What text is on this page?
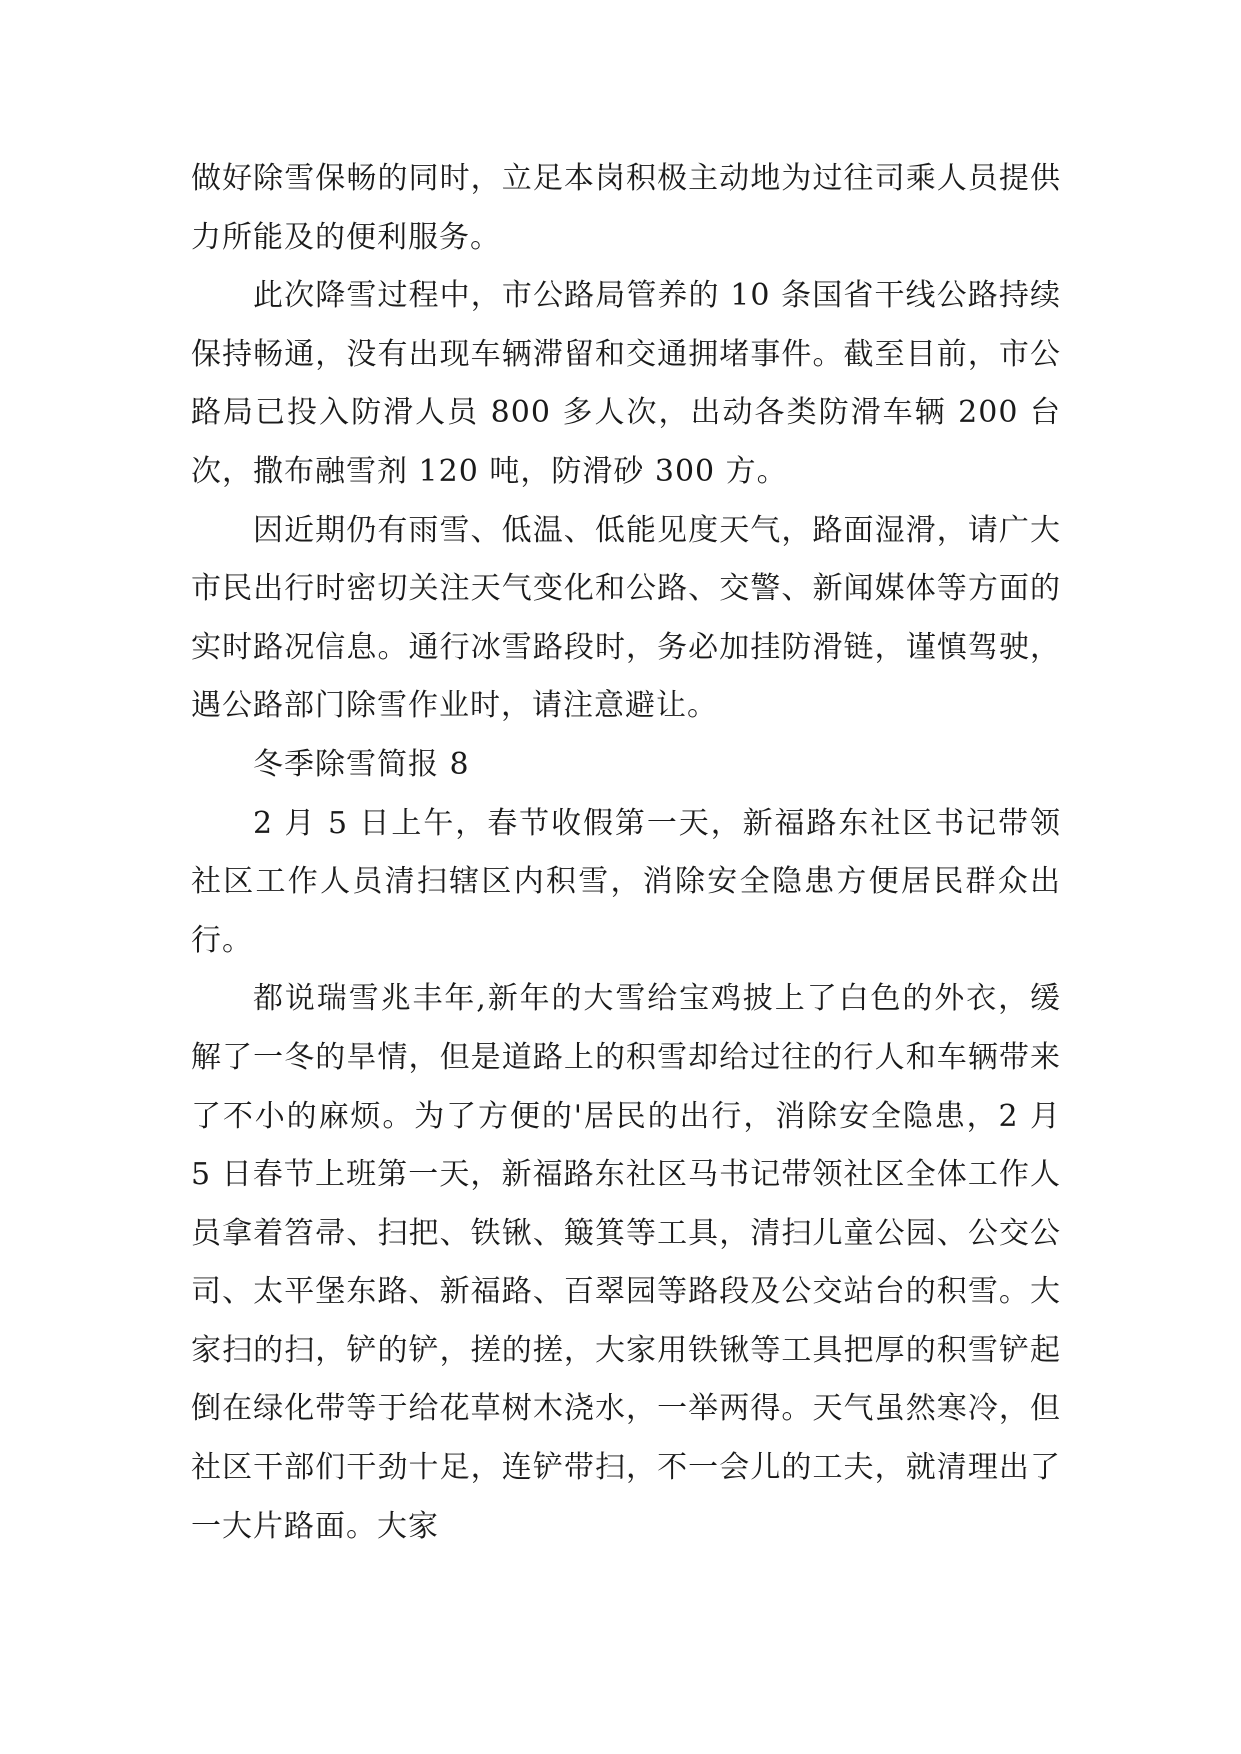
做好除雪保畅的同时，立足本岗积极主动地为过往司乘人员提供力所能及的便利服务。

此次降雪过程中，市公路局管养的 10 条国省干线公路持续保持畅通，没有出现车辆滞留和交通拥堵事件。截至目前，市公路局已投入防滑人员 800 多人次，出动各类防滑车辆 200 台次，撒布融雪剂 120 吨，防滑砂 300 方。

因近期仍有雨雪、低温、低能见度天气，路面湿滑，请广大市民出行时密切关注天气变化和公路、交警、新闻媒体等方面的实时路况信息。通行冰雪路段时，务必加挂防滑链，谨慎驾驶，遇公路部门除雪作业时，请注意避让。

冬季除雪简报 8

2 月 5 日上午，春节收假第一天，新福路东社区书记带领社区工作人员清扫辖区内积雪，消除安全隐患方便居民群众出行。

都说瑞雪兆丰年,新年的大雪给宝鸡披上了白色的外衣，缓解了一冬的旱情，但是道路上的积雪却给过往的行人和车辆带来了不小的麻烦。为了方便的'居民的出行，消除安全隐患，2 月 5 日春节上班第一天，新福路东社区马书记带领社区全体工作人员拿着笤帚、扫把、铁锹、簸箕等工具，清扫儿童公园、公交公司、太平堡东路、新福路、百翠园等路段及公交站台的积雪。大家扫的扫，铲的铲，搓的搓，大家用铁锹等工具把厚的积雪铲起倒在绿化带等于给花草树木浇水，一举两得。天气虽然寒冷，但社区干部们干劲十足，连铲带扫，不一会儿的工夫，就清理出了一大片路面。大家
